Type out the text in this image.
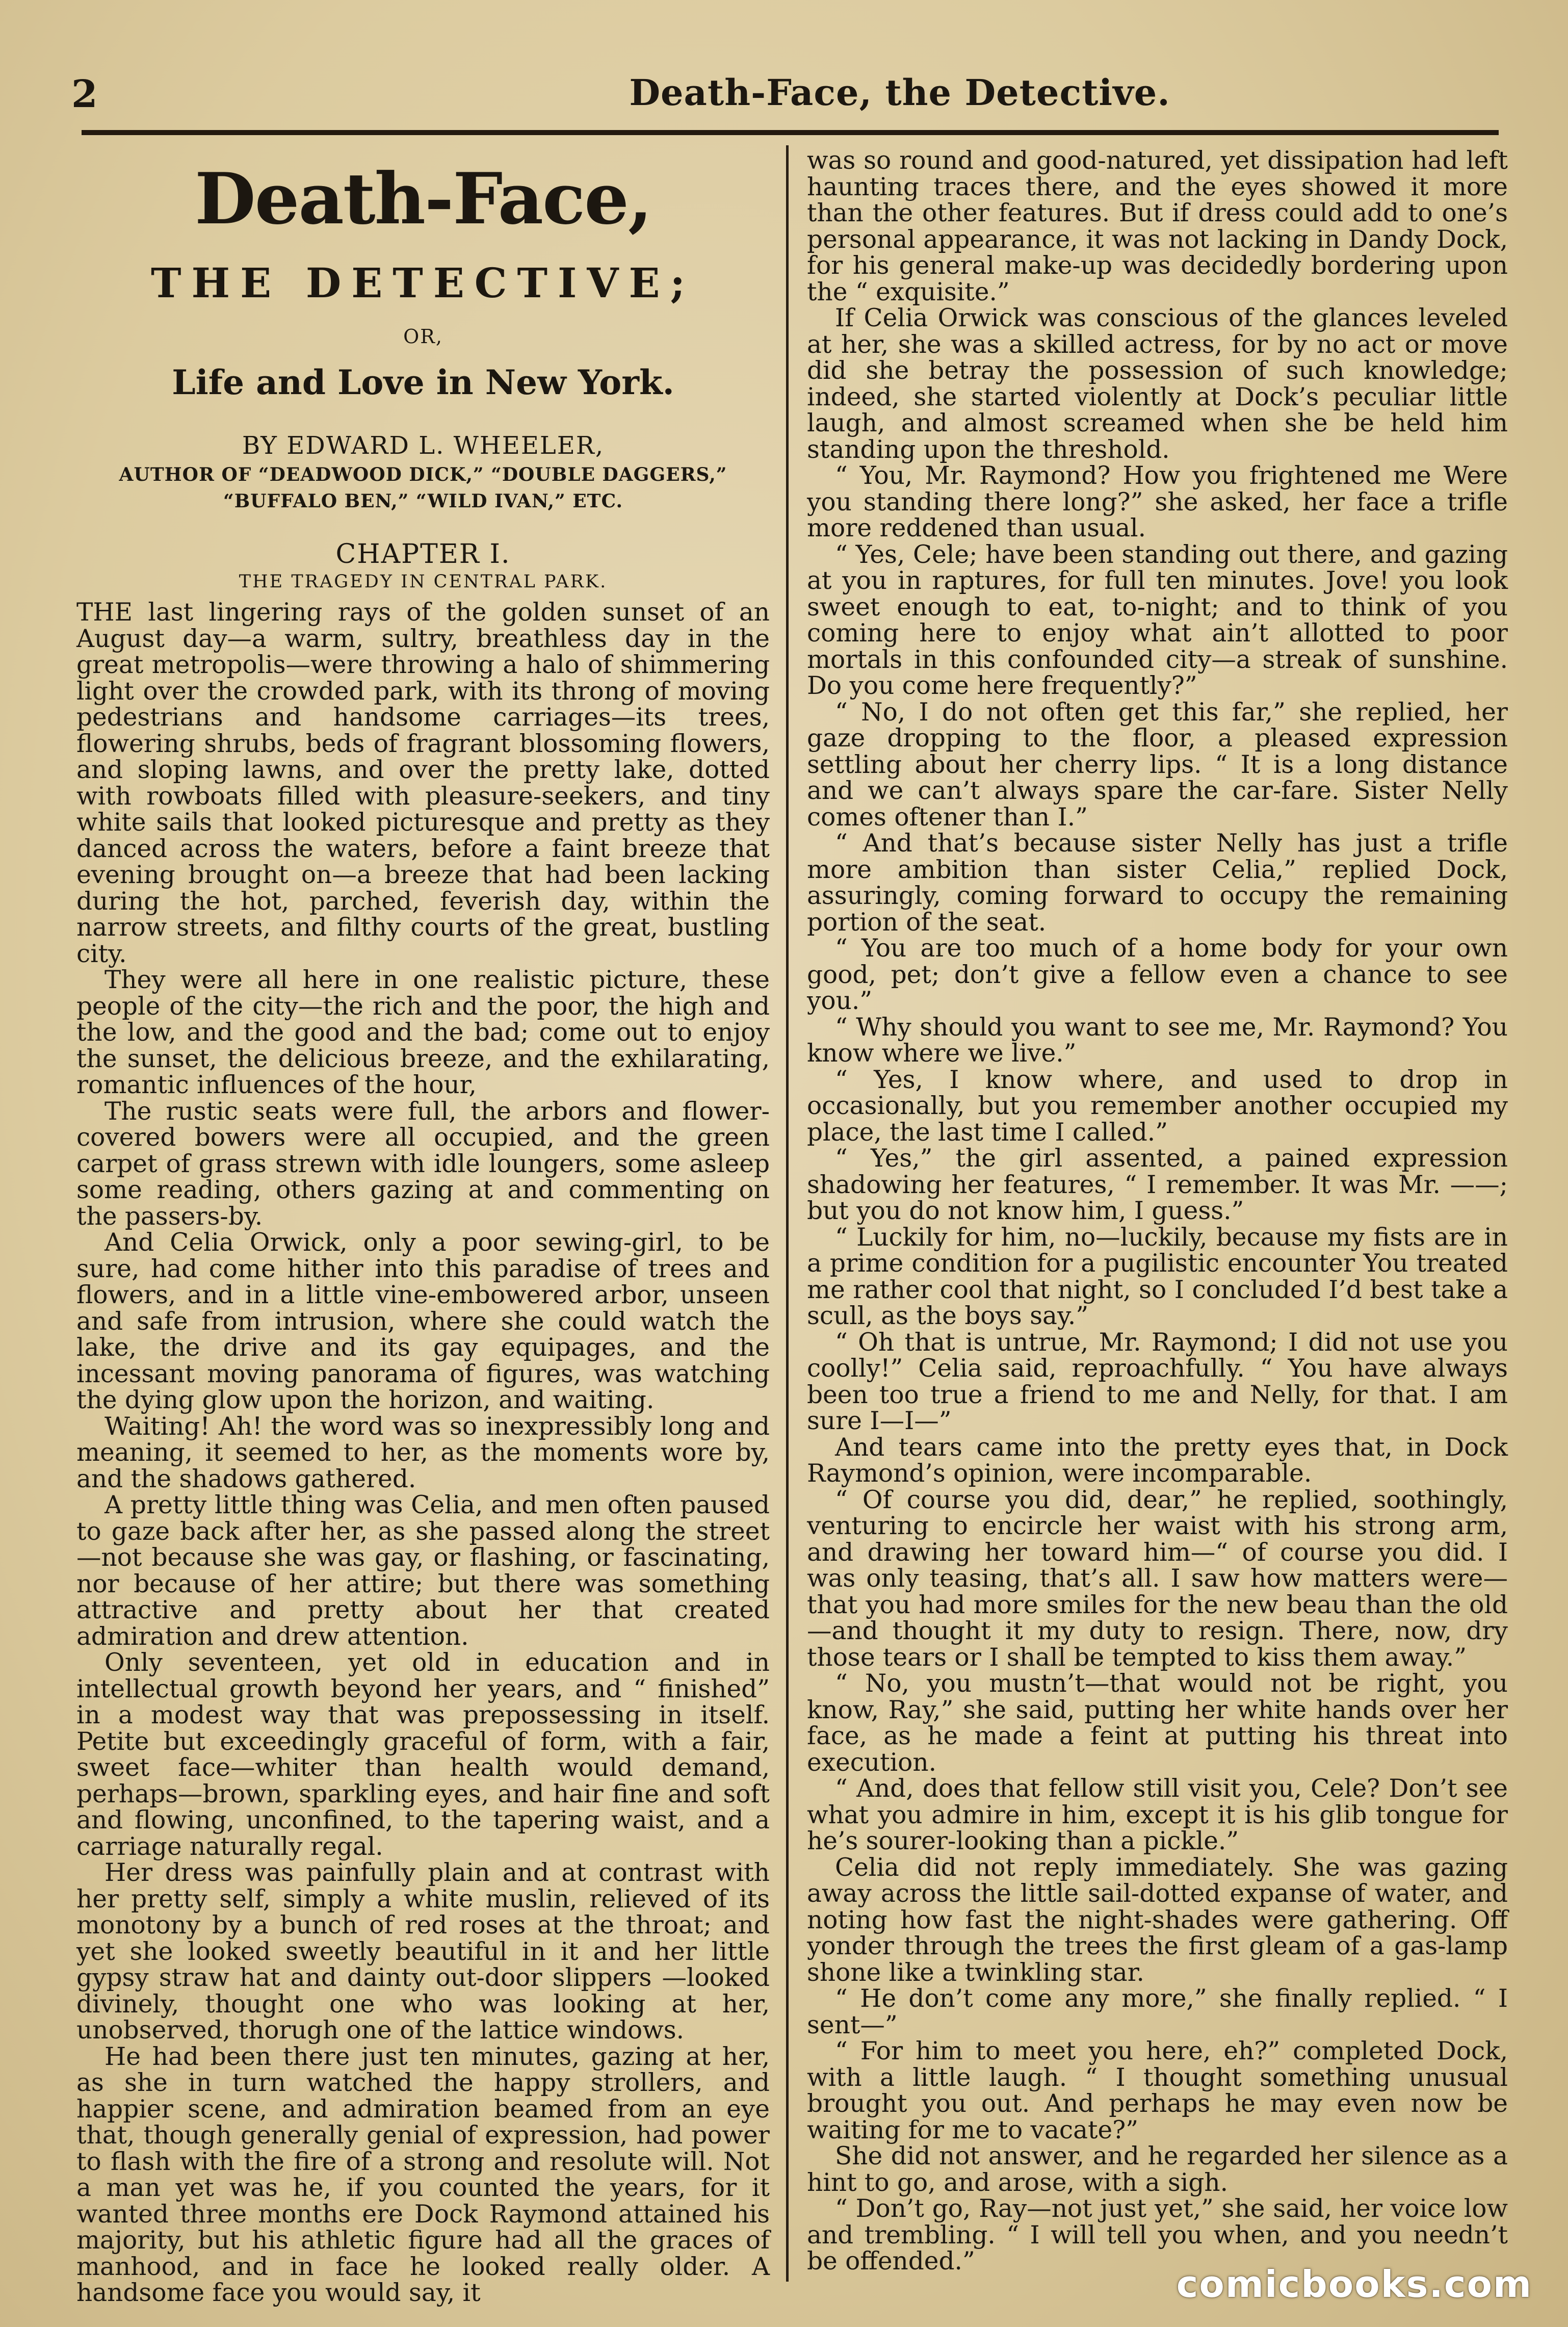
2	Death-Face, the Detective.
Death-Face,
THE DETECTIVE;
OR,
Life and Love in New York.
BY EDWARD L. WHEELER,
AUTHOR OF “DEADWOOD DICK,” “DOUBLE DAGGERS,”
“BUFFALO BEN,” “WILD IVAN,” ETC.
CHAPTER I.
THE TRAGEDY IN CENTRAL PARK.

THE last lingering rays of the golden sunset of an August day—a warm, sultry, breathless day in the great metropolis—were throwing a halo of shimmering light over the crowded park, with its throng of moving pedestrians and handsome carriages—its trees, flowering shrubs, beds of fragrant blossoming flowers, and sloping lawns, and over the pretty lake, dotted with rowboats filled with pleasure-seekers, and tiny white sails that looked picturesque and pretty as they danced across the waters, before a faint breeze that evening brought on—a breeze that had been lacking during the hot, parched, feverish day, within the narrow streets, and filthy courts of the great, bustling city.

They were all here in one realistic picture, these people of the city—the rich and the poor, the high and the low, and the good and the bad; come out to enjoy the sunset, the delicious breeze, and the exhilarating, romantic influences of the hour,

The rustic seats were full, the arbors and flower-covered bowers were all occupied, and the green carpet of grass strewn with idle loungers, some asleep some reading, others gazing at and commenting on the passers-by.

And Celia Orwick, only a poor sewing-girl, to be sure, had come hither into this paradise of trees and flowers, and in a little vine-embowered arbor, unseen and safe from intrusion, where she could watch the lake, the drive and its gay equipages, and the incessant moving panorama of figures, was watching the dying glow upon the horizon, and waiting.

Waiting! Ah! the word was so inexpressibly long and meaning, it seemed to her, as the moments wore by, and the shadows gathered.

A pretty little thing was Celia, and men often paused to gaze back after her, as she passed along the street—not because she was gay, or flashing, or fascinating, nor because of her attire; but there was something attractive and pretty about her that created admiration and drew attention.

Only seventeen, yet old in education and in intellectual growth beyond her years, and “ finished” in a modest way that was prepossessing in itself. Petite but exceedingly graceful of form, with a fair, sweet face—whiter than health would demand, perhaps—brown, sparkling eyes, and hair fine and soft and flowing, unconfined, to the tapering waist, and a carriage naturally regal.

Her dress was painfully plain and at contrast with her pretty self, simply a white muslin, relieved of its monotony by a bunch of red roses at the throat; and yet she looked sweetly beautiful in it and her little gypsy straw hat and dainty out-door slippers —looked divinely, thought one who was looking at her, unobserved, thorugh one of the lattice windows.

He had been there just ten minutes, gazing at her, as she in turn watched the happy strollers, and happier scene, and admiration beamed from an eye that, though generally genial of expression, had power to flash with the fire of a strong and resolute will. Not a man yet was he, if you counted the years, for it wanted three months ere Dock Raymond attained his majority, but his athletic figure had all the graces of manhood, and in face he looked really older. A handsome face you would say, it

was so round and good-natured, yet dissipation had left haunting traces there, and the eyes showed it more than the other features. But if dress could add to one’s personal appearance, it was not lacking in Dandy Dock, for his general make-up was decidedly bordering upon the “ exquisite.”

If Celia Orwick was conscious of the glances leveled at her, she was a skilled actress, for by no act or move did she betray the possession of such knowledge; indeed, she started violently at Dock’s peculiar little laugh, and almost screamed when she be held him standing upon the threshold.

“ You, Mr. Raymond? How you frightened me Were you standing there long?” she asked, her face a trifle more reddened than usual.

“ Yes, Cele; have been standing out there, and gazing at you in raptures, for full ten minutes. Jove! you look sweet enough to eat, to-night; and to think of you coming here to enjoy what ain’t allotted to poor mortals in this confounded city—a streak of sunshine. Do you come here frequently?”

“ No, I do not often get this far,” she replied, her gaze dropping to the floor, a pleased expression settling about her cherry lips. “ It is a long distance and we can’t always spare the car-fare. Sister Nelly comes oftener than I.”

“ And that’s because sister Nelly has just a trifle more ambition than sister Celia,” replied Dock, assuringly, coming forward to occupy the remaining portion of the seat.

“ You are too much of a home body for your own good, pet; don’t give a fellow even a chance to see you.”

“ Why should you want to see me, Mr. Raymond? You know where we live.”

“ Yes, I know where, and used to drop in occasionally, but you remember another occupied my place, the last time I called.”

“ Yes,” the girl assented, a pained expression shadowing her features, “ I remember. It was Mr. ——; but you do not know him, I guess.”

“ Luckily for him, no—luckily, because my fists are in a prime condition for a pugilistic encounter You treated me rather cool that night, so I concluded I’d best take a scull, as the boys say.”

“ Oh that is untrue, Mr. Raymond; I did not use you coolly!” Celia said, reproachfully. “ You have always been too true a friend to me and Nelly, for that. I am sure I—I—”

And tears came into the pretty eyes that, in Dock Raymond’s opinion, were incomparable.

“ Of course you did, dear,” he replied, soothingly, venturing to encircle her waist with his strong arm, and drawing her toward him—“ of course you did. I was only teasing, that’s all. I saw how matters were—that you had more smiles for the new beau than the old—and thought it my duty to resign. There, now, dry those tears or I shall be tempted to kiss them away.”

“ No, you mustn’t—that would not be right, you know, Ray,” she said, putting her white hands over her face, as he made a feint at putting his threat into execution.

“ And, does that fellow still visit you, Cele? Don’t see what you admire in him, except it is his glib tongue for he’s sourer-looking than a pickle.”

Celia did not reply immediately. She was gazing away across the little sail-dotted expanse of water, and noting how fast the night-shades were gathering. Off yonder through the trees the first gleam of a gas-lamp shone like a twinkling star.

“ He don’t come any more,” she finally replied. “ I sent—”

“ For him to meet you here, eh?” completed Dock, with a little laugh. “ I thought something unusual brought you out. And perhaps he may even now be waiting for me to vacate?”

She did not answer, and he regarded her silence as a hint to go, and arose, with a sigh.

“ Don’t go, Ray—not just yet,” she said, her voice low and trembling. “ I will tell you when, and you needn’t be offended.”

comicbooks.com
